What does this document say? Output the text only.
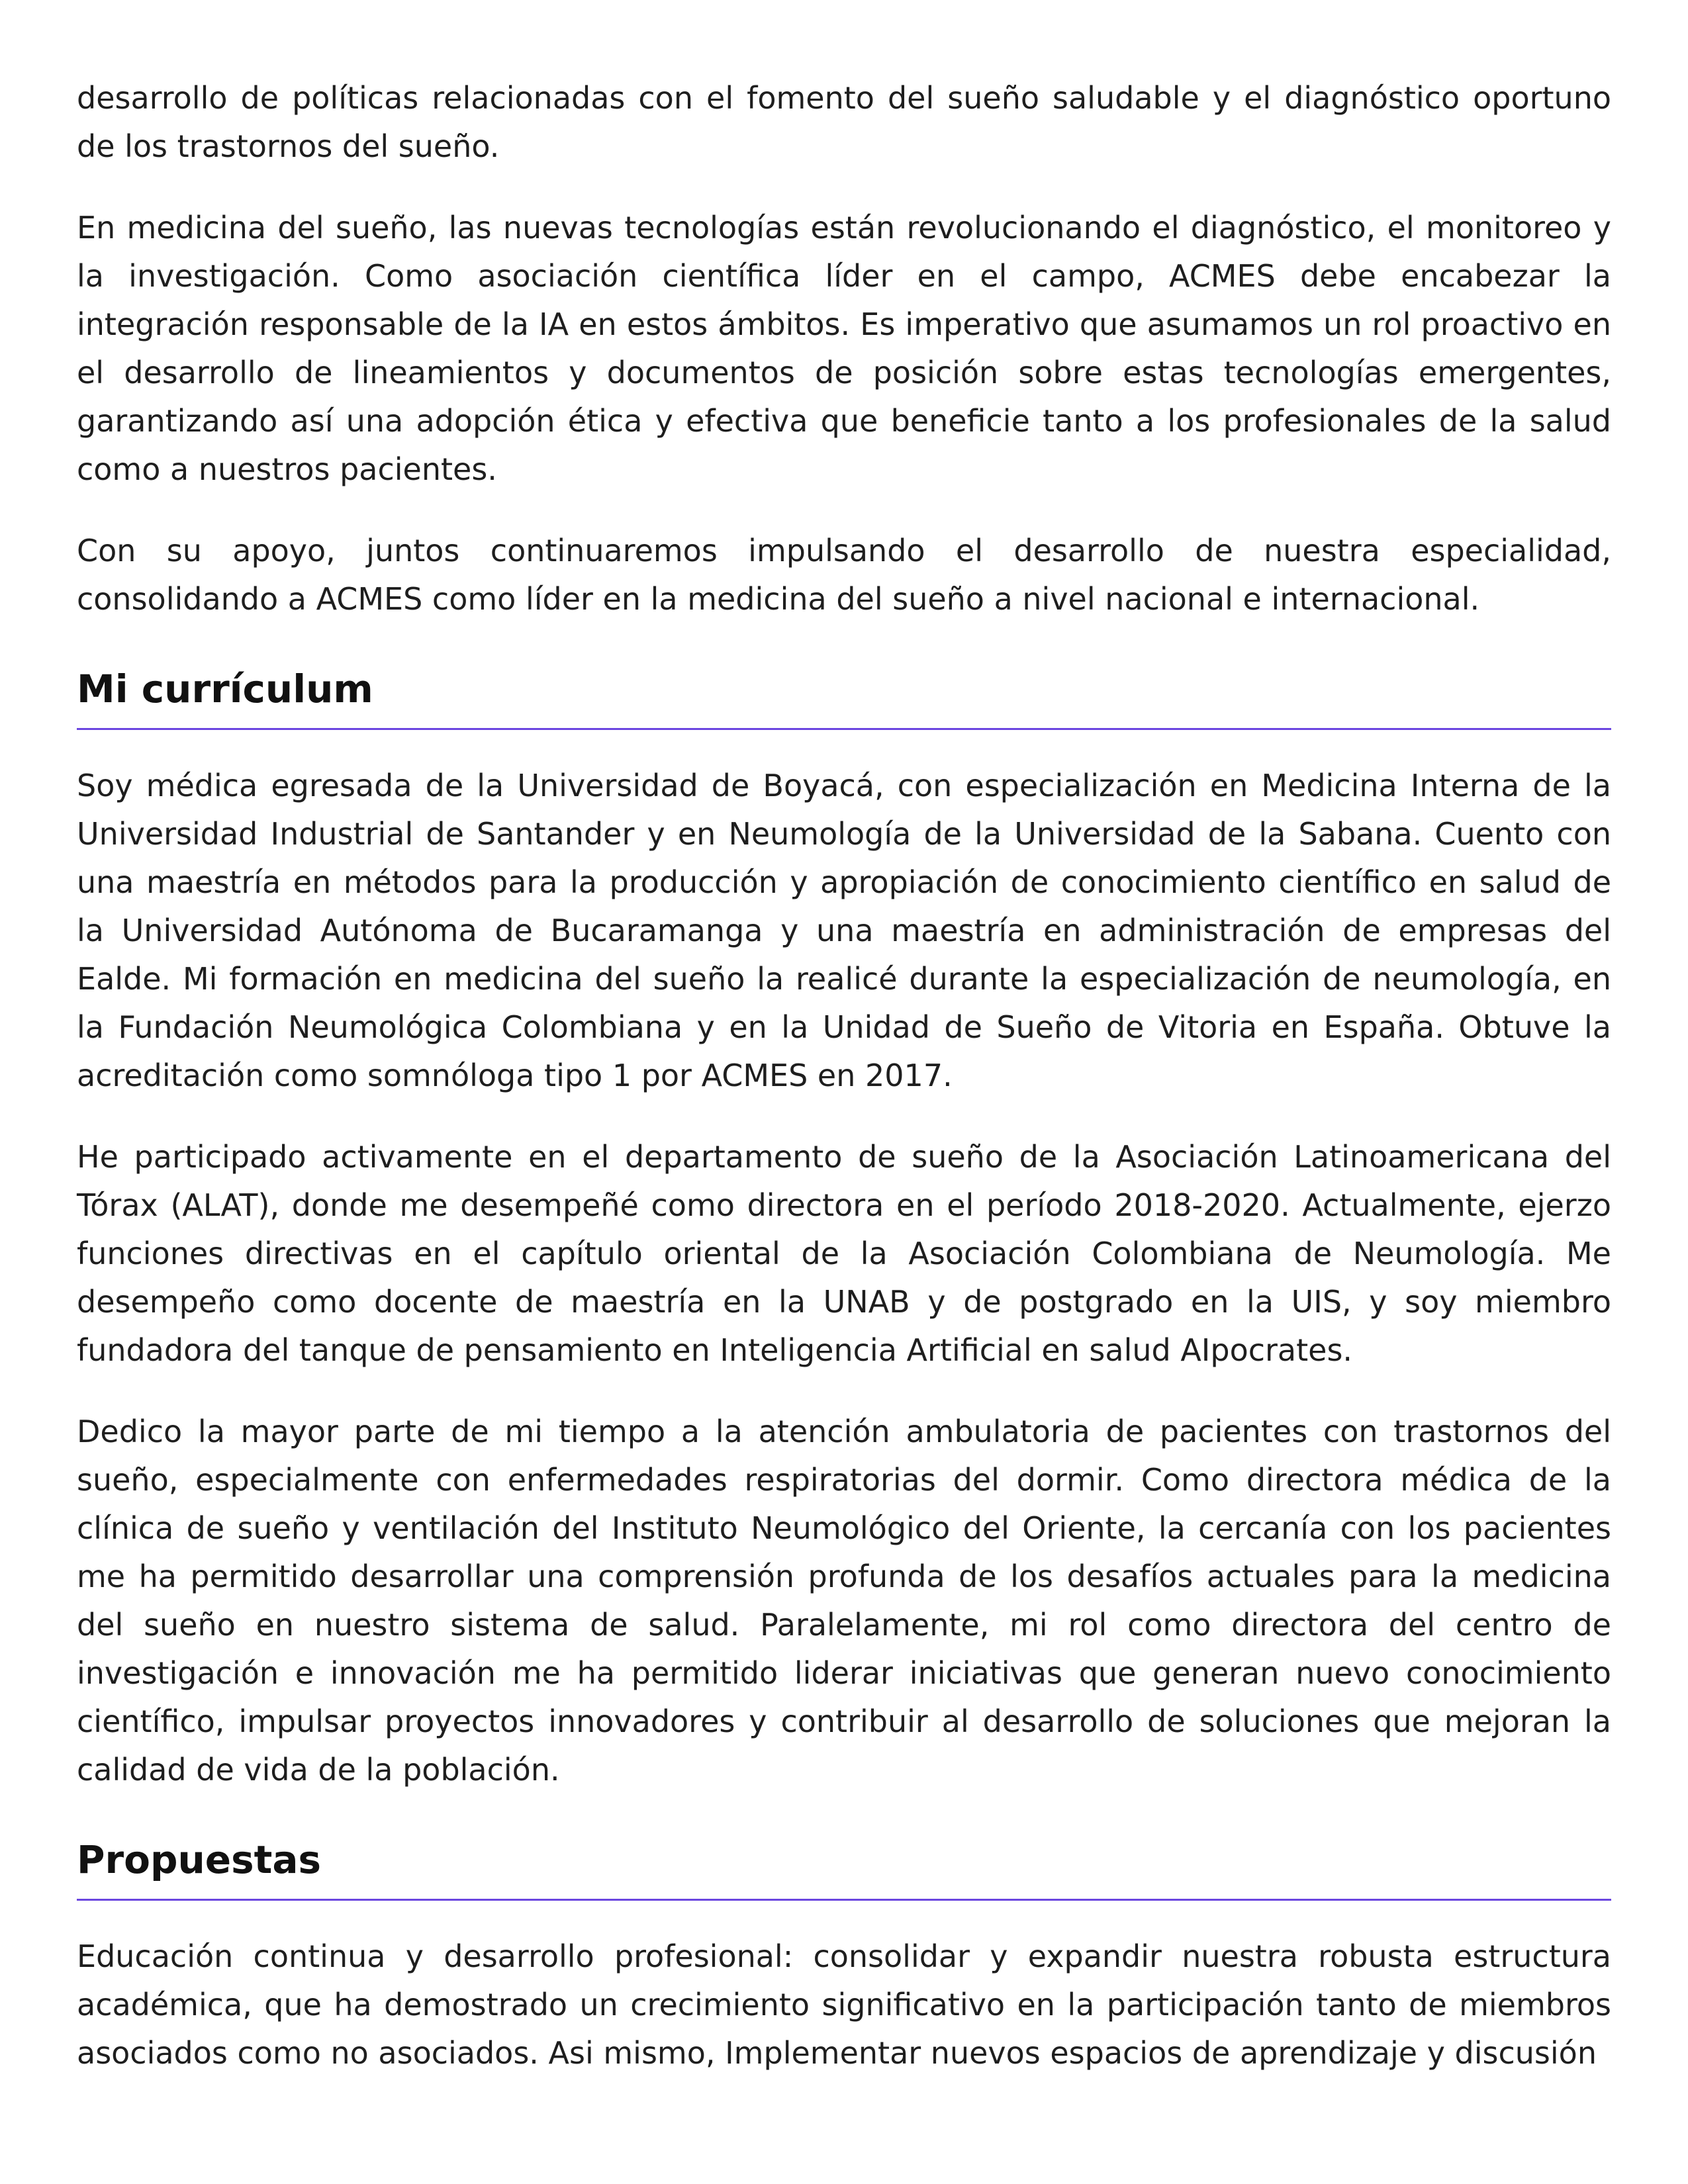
desarrollo de políticas relacionadas con el fomento del sueño saludable y el diagnóstico oportuno de los trastornos del sueño.

En medicina del sueño, las nuevas tecnologías están revolucionando el diagnóstico, el monitoreo y la investigación. Como asociación científica líder en el campo, ACMES debe encabezar la integración responsable de la IA en estos ámbitos. Es imperativo que asumamos un rol proactivo en el desarrollo de lineamientos y documentos de posición sobre estas tecnologías emergentes, garantizando así una adopción ética y efectiva que beneficie tanto a los profesionales de la salud como a nuestros pacientes.

Con su apoyo, juntos continuaremos impulsando el desarrollo de nuestra especialidad, consolidando a ACMES como líder en la medicina del sueño a nivel nacional e internacional.

Mi currículum

Soy médica egresada de la Universidad de Boyacá, con especialización en Medicina Interna de la Universidad Industrial de Santander y en Neumología de la Universidad de la Sabana. Cuento con una maestría en métodos para la producción y apropiación de conocimiento científico en salud de la Universidad Autónoma de Bucaramanga y una maestría en administración de empresas del Ealde. Mi formación en medicina del sueño la realicé durante la especialización de neumología, en la Fundación Neumológica Colombiana y en la Unidad de Sueño de Vitoria en España. Obtuve la acreditación como somnóloga tipo 1 por ACMES en 2017.

He participado activamente en el departamento de sueño de la Asociación Latinoamericana del Tórax (ALAT), donde me desempeñé como directora en el período 2018-2020. Actualmente, ejerzo funciones directivas en el capítulo oriental de la Asociación Colombiana de Neumología. Me desempeño como docente de maestría en la UNAB y de postgrado en la UIS, y soy miembro fundadora del tanque de pensamiento en Inteligencia Artificial en salud AIpocrates.

Dedico la mayor parte de mi tiempo a la atención ambulatoria de pacientes con trastornos del sueño, especialmente con enfermedades respiratorias del dormir. Como directora médica de la clínica de sueño y ventilación del Instituto Neumológico del Oriente, la cercanía con los pacientes me ha permitido desarrollar una comprensión profunda de los desafíos actuales para la medicina del sueño en nuestro sistema de salud. Paralelamente, mi rol como directora del centro de investigación e innovación me ha permitido liderar iniciativas que generan nuevo conocimiento científico, impulsar proyectos innovadores y contribuir al desarrollo de soluciones que mejoran la calidad de vida de la población.

Propuestas

Educación continua y desarrollo profesional: consolidar y expandir nuestra robusta estructura académica, que ha demostrado un crecimiento significativo en la participación tanto de miembros asociados como no asociados. Asi mismo, Implementar nuevos espacios de aprendizaje y discusión
